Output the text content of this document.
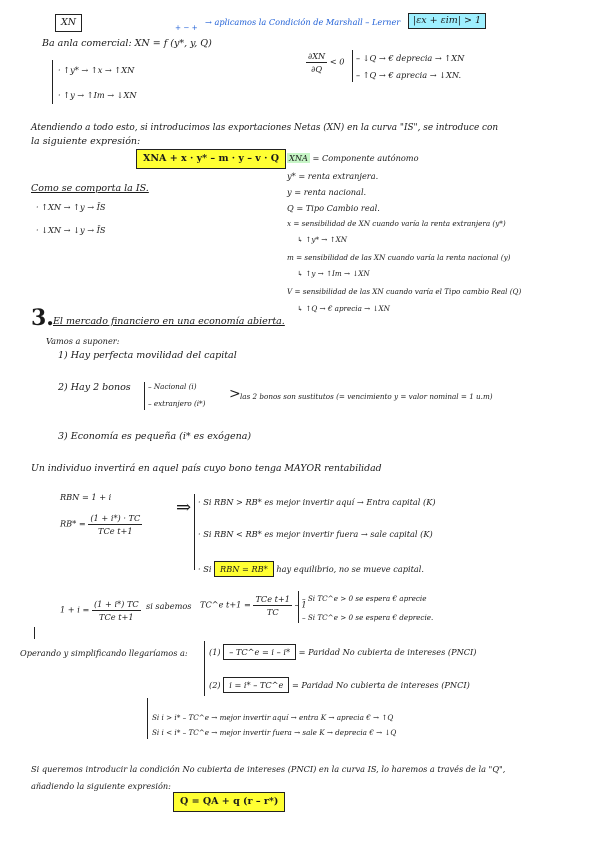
XN	+ − +
→ aplicamos la Condición de Marshall – Lerner	|εx + εim| > 1
Ba anla comercial: XN = f (y*, y, Q)
· ↑y* → ↑x → ↑XN
· ↑y → ↑Im → ↓XN
$\frac{\partial XN}{\partial Q} < 0$ – ↓Q → € deprecia → ↑XN
– ↑Q → € aprecia → ↓XN.
Atendiendo a todo esto, si introducimos las exportaciones Netas (XN) en la curva "IS", se introduce con
la siguiente expresión:
XNA + x · y* – m · y – v · Q
Como se comporta la IS.
· ↑XN → ↑y → ĪS
· ↓XN → ↓y → ĪS
XNA = Componente autónomo
y* = renta extranjera.
y = renta nacional.
Q = Tipo Cambio real.
x = sensibilidad de XN cuando varía la renta extranjera (y*)
↳ ↑y* → ↑XN
m = sensibilidad de las XN cuando varía la renta nacional (y)
↳ ↑y → ↑Im → ↓XN
V = sensibilidad de las XN cuando varía el Tipo cambio Real (Q)
↳ ↑Q → € aprecia → ↓XN
3. El mercado financiero en una economía abierta.
Vamos a suponer:
1) Hay perfecta movilidad del capital
2) Hay 2 bonos – Nacional (i)
– extranjero (i*)
> las 2 bonos son sustitutos (= vencimiento y = valor nominal = 1 u.m)
3) Economía es pequeña (i* es exógena)
Un individuo invertirá en aquel país cuyo bono tenga MAYOR rentabilidad
RBN = 1 + i
$RB* = \frac{(1 + i*) \cdot TC}{\text{TCe t+1}}$
⇒ · Si RBN > RB* es mejor invertir aquí → Entra capital (K)
· Si RBN < RB* es mejor invertir fuera → sale capital (K)
· Si RBN = RB* hay equilibrio, no se mueve capital.
$1 + i = \frac{(1 + i*) TC}{\text{TCe t+1}}$ si sabemos TC^e $t+1 = \frac{\text{TCe t+1}}{TC} - 1$
– Si TC^e > 0 se espera € aprecie
– Si TC^e > 0 se espera € deprecie.
Operando y simplificando llegaríamos a:	(1) – TC^e = i – i* = Paridad No cubierta de intereses (PNCI)
(2) i = i* – TC^e = Paridad No cubierta de intereses (PNCI)
Si i > i* – TC^e → mejor invertir aquí → entra K → aprecia € → ↑Q
Si i < i* – TC^e → mejor invertir fuera → sale K → deprecia € → ↓Q
Si queremos introducir la condición No cubierta de intereses (PNCI) en la curva IS, lo haremos a través de la "Q",
añadiendo la siguiente expresión:
Q = QA + q (r – r*)
